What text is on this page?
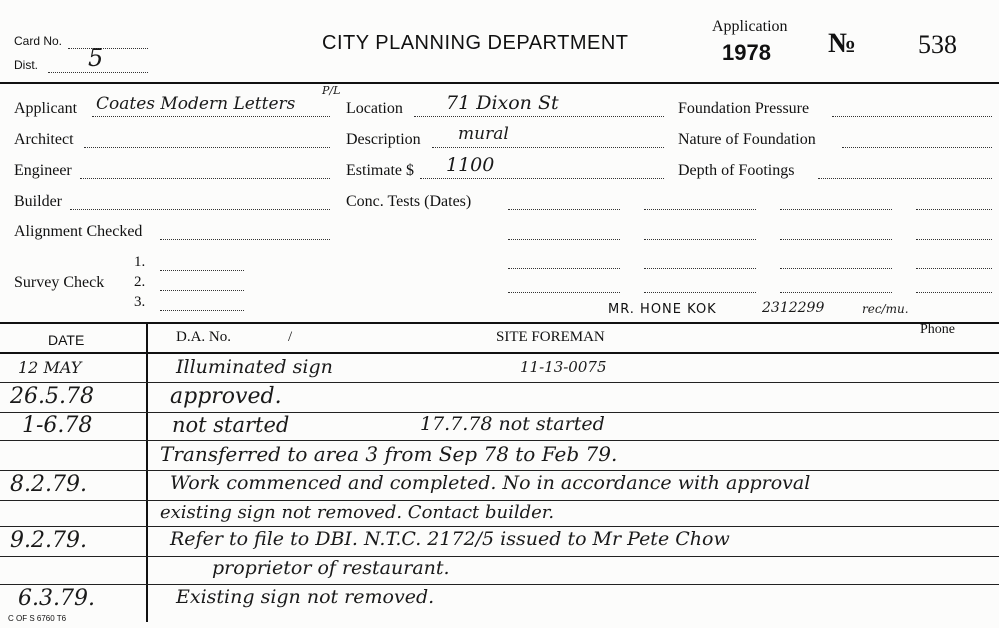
Card No.
Dist. 5
CITY PLANNING DEPARTMENT
Application
1978 № 538
Applicant Coates Modern Letters
P/L
Architect
Engineer
Builder
Alignment Checked
Survey Check
1.
2.
3.
Location 71 Dixon St
Description mural
Estimate $ 1100
Conc. Tests (Dates)
Foundation Pressure
Nature of Foundation
Depth of Footings
MR. HONE KOK	2312299	rec/mu.
DATE	D.A. No.	/	SITE FOREMAN	Phone
12 MAY	Illuminated sign	11-13-0075
26.5.78	approved.
1-6.78	not started	17.7.78 not started
Transferred to area 3 from Sep 78 to Feb 79.
8.2.79.	Work commenced and completed. No in accordance with approval
existing sign not removed. Contact builder.
9.2.79.	Refer to file to DBI. N.T.C. 2172/5 issued to Mr Pete Chow
proprietor of restaurant.
6.3.79.	Existing sign not removed.
C OF S 6760 T6
